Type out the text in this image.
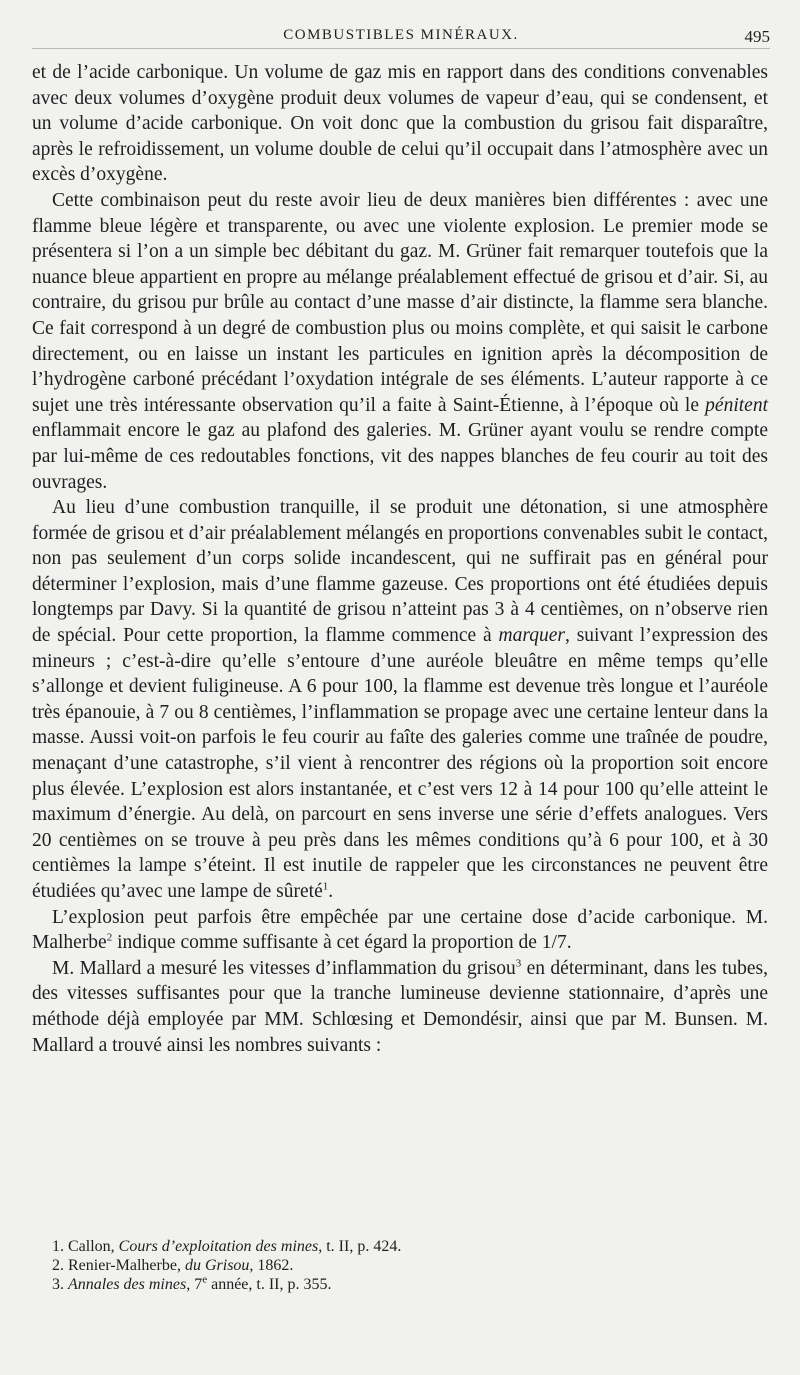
COMBUSTIBLES MINÉRAUX.	495

et de l’acide carbonique. Un volume de gaz mis en rapport dans des conditions convenables avec deux volumes d’oxygène produit deux volumes de vapeur d’eau, qui se condensent, et un volume d’acide carbonique. On voit donc que la combustion du grisou fait disparaître, après le refroidissement, un volume double de celui qu’il occupait dans l’atmosphère avec un excès d’oxygène.

Cette combinaison peut du reste avoir lieu de deux manières bien différentes : avec une flamme bleue légère et transparente, ou avec une violente explosion. Le premier mode se présentera si l’on a un simple bec débitant du gaz. M. Grüner fait remarquer toutefois que la nuance bleue appartient en propre au mélange préalablement effectué de grisou et d’air. Si, au contraire, du grisou pur brûle au contact d’une masse d’air distincte, la flamme sera blanche. Ce fait correspond à un degré de combustion plus ou moins complète, et qui saisit le carbone directement, ou en laisse un instant les particules en ignition après la décomposition de l’hydrogène carboné précédant l’oxydation intégrale de ses éléments. L’auteur rapporte à ce sujet une très intéressante observation qu’il a faite à Saint-Étienne, à l’époque où le pénitent enflammait encore le gaz au plafond des galeries. M. Grüner ayant voulu se rendre compte par lui-même de ces redoutables fonctions, vit des nappes blanches de feu courir au toit des ouvrages.

Au lieu d’une combustion tranquille, il se produit une détonation, si une atmosphère formée de grisou et d’air préalablement mélangés en proportions convenables subit le contact, non pas seulement d’un corps solide incandescent, qui ne suffirait pas en général pour déterminer l’explosion, mais d’une flamme gazeuse. Ces proportions ont été étudiées depuis longtemps par Davy. Si la quantité de grisou n’atteint pas 3 à 4 centièmes, on n’observe rien de spécial. Pour cette proportion, la flamme commence à marquer, suivant l’expression des mineurs ; c’est-à-dire qu’elle s’entoure d’une auréole bleuâtre en même temps qu’elle s’allonge et devient fuligineuse. A 6 pour 100, la flamme est devenue très longue et l’auréole très épanouie, à 7 ou 8 centièmes, l’inflammation se propage avec une certaine lenteur dans la masse. Aussi voit-on parfois le feu courir au faîte des galeries comme une traînée de poudre, menaçant d’une catastrophe, s’il vient à rencontrer des régions où la proportion soit encore plus élevée. L’explosion est alors instantanée, et c’est vers 12 à 14 pour 100 qu’elle atteint le maximum d’énergie. Au delà, on parcourt en sens inverse une série d’effets analogues. Vers 20 centièmes on se trouve à peu près dans les mêmes conditions qu’à 6 pour 100, et à 30 centièmes la lampe s’éteint. Il est inutile de rappeler que les circonstances ne peuvent être étudiées qu’avec une lampe de sûreté$^1$.

L’explosion peut parfois être empêchée par une certaine dose d’acide carbonique. M. Malherbe$^2$ indique comme suffisante à cet égard la proportion de 1/7.

M. Mallard a mesuré les vitesses d’inflammation du grisou$^3$ en déterminant, dans les tubes, des vitesses suffisantes pour que la tranche lumineuse devienne stationnaire, d’après une méthode déjà employée par MM. Schlœsing et Demondésir, ainsi que par M. Bunsen. M. Mallard a trouvé ainsi les nombres suivants :

1. Callon, Cours d’exploitation des mines, t. II, p. 424.

2. Renier-Malherbe, du Grisou, 1862.

3. Annales des mines, 7e année, t. II, p. 355.
